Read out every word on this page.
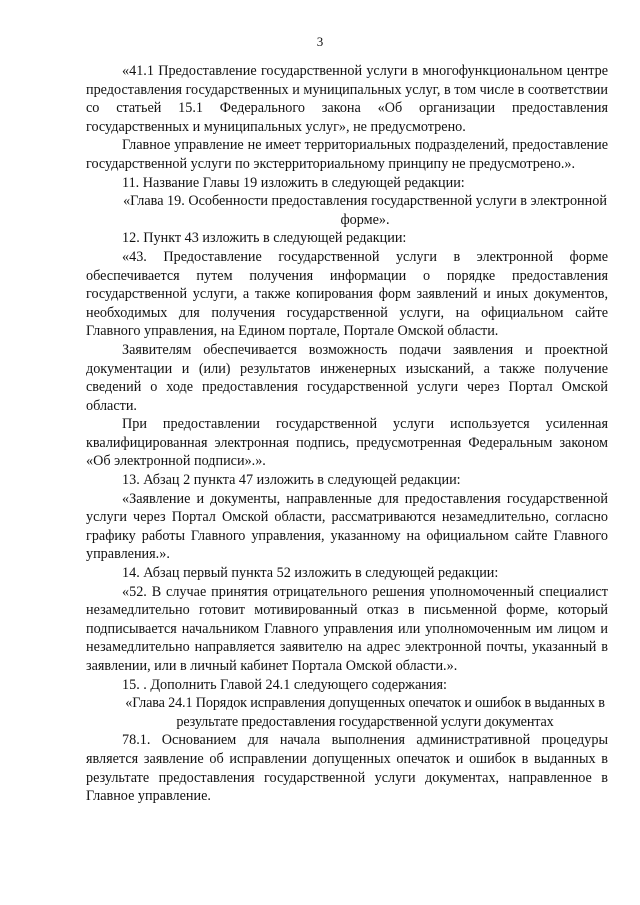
3

«41.1 Предоставление государственной услуги в многофункциональном центре предоставления государственных и муниципальных услуг, в том числе в соответствии со статьей 15.1 Федерального закона «Об организации предоставления государственных и муниципальных услуг», не предусмотрено.

Главное управление не имеет территориальных подразделений, предоставление государственной услуги по экстерриториальному принципу не предусмотрено.».

11. Название Главы 19 изложить в следующей редакции:

«Глава 19. Особенности предоставления государственной услуги в электронной форме».

12. Пункт 43 изложить в следующей редакции:

«43. Предоставление государственной услуги в электронной форме обеспечивается путем получения информации о порядке предоставления государственной услуги, а также копирования форм заявлений и иных документов, необходимых для получения государственной услуги, на официальном сайте Главного управления, на Едином портале, Портале Омской области.

Заявителям обеспечивается возможность подачи заявления и проектной документации и (или) результатов инженерных изысканий, а также получение сведений о ходе предоставления государственной услуги через Портал Омской области.

При предоставлении государственной услуги используется усиленная квалифицированная электронная подпись, предусмотренная Федеральным законом «Об электронной подписи».».

13. Абзац 2 пункта 47 изложить в следующей редакции:

«Заявление и документы, направленные для предоставления государственной услуги через Портал Омской области, рассматриваются незамедлительно, согласно графику работы Главного управления, указанному на официальном сайте Главного управления.».

14. Абзац первый пункта 52 изложить в следующей редакции:

«52. В случае принятия отрицательного решения уполномоченный специалист незамедлительно готовит мотивированный отказ в письменной форме, который подписывается начальником Главного управления или уполномоченным им лицом и незамедлительно направляется заявителю на адрес электронной почты, указанный в заявлении, или в личный кабинет Портала Омской области.».

15. . Дополнить Главой 24.1 следующего содержания:

«Глава 24.1 Порядок исправления допущенных опечаток и ошибок в выданных в результате предоставления государственной услуги документах

78.1. Основанием для начала выполнения административной процедуры является заявление об исправлении допущенных опечаток и ошибок в выданных в результате предоставления государственной услуги документах, направленное в Главное управление.
